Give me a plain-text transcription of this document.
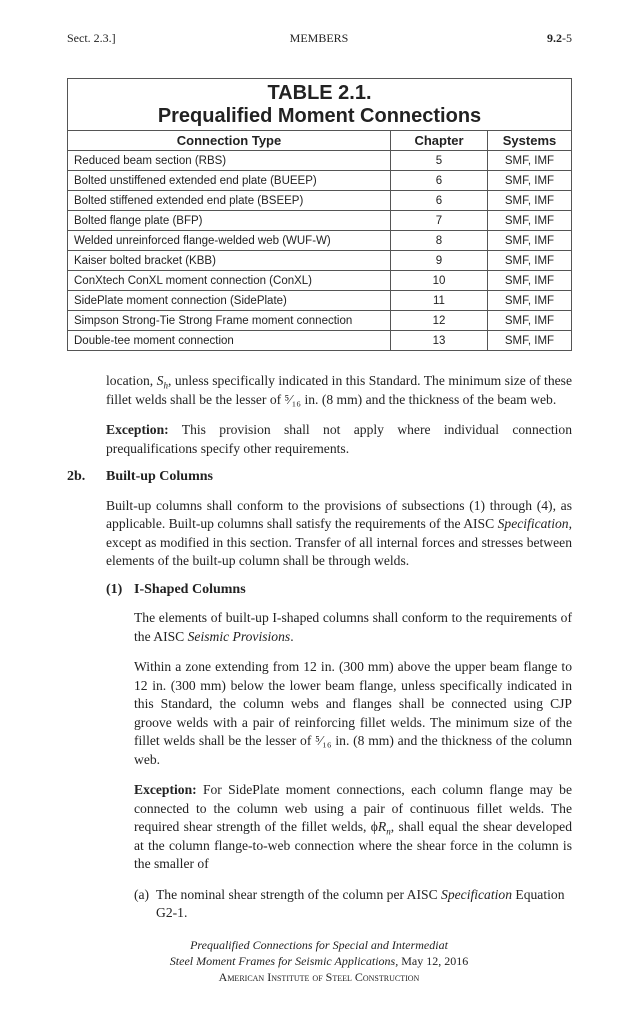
Sect. 2.3.]	MEMBERS	9.2-5
TABLE 2.1.
Prequalified Moment Connections		

Connection Type	Chapter	Systems
Reduced beam section (RBS)	5	SMF, IMF
Bolted unstiffened extended end plate (BUEEP)	6	SMF, IMF
Bolted stiffened extended end plate (BSEEP)	6	SMF, IMF
Bolted flange plate (BFP)	7	SMF, IMF
Welded unreinforced flange-welded web (WUF-W)	8	SMF, IMF
Kaiser bolted bracket (KBB)	9	SMF, IMF
ConXtech ConXL moment connection (ConXL)	10	SMF, IMF
SidePlate moment connection (SidePlate)	11	SMF, IMF
Simpson Strong-Tie Strong Frame moment connection	12	SMF, IMF
Double-tee moment connection	13	SMF, IMF

location, $S_h$, unless specifically indicated in this Standard. The minimum size of these fillet welds shall be the lesser of ⁵⁄₁₆ in. (8 mm) and the thickness of the beam web.

Exception: This provision shall not apply where individual connection prequalifications specify other requirements.

2b.	Built-up Columns

Built-up columns shall conform to the provisions of subsections (1) through (4), as applicable. Built-up columns shall satisfy the requirements of the AISC Specification, except as modified in this section. Transfer of all internal forces and stresses between elements of the built-up column shall be through welds.

(1) I-Shaped Columns

The elements of built-up I-shaped columns shall conform to the requirements of the AISC Seismic Provisions.

Within a zone extending from 12 in. (300 mm) above the upper beam flange to 12 in. (300 mm) below the lower beam flange, unless specifically indicated in this Standard, the column webs and flanges shall be connected using CJP groove welds with a pair of reinforcing fillet welds. The minimum size of the fillet welds shall be the lesser of ⁵⁄₁₆ in. (8 mm) and the thickness of the column web.

Exception: For SidePlate moment connections, each column flange may be connected to the column web using a pair of continuous fillet welds. The required shear strength of the fillet welds, $\phi R_n$, shall equal the shear developed at the column flange-to-web connection where the shear force in the column is the smaller of

(a) The nominal shear strength of the column per AISC Specification Equation G2-1.
Prequalified Connections for Special and Intermediat
Steel Moment Frames for Seismic Applications, May 12, 2016
American Institute of Steel Construction
